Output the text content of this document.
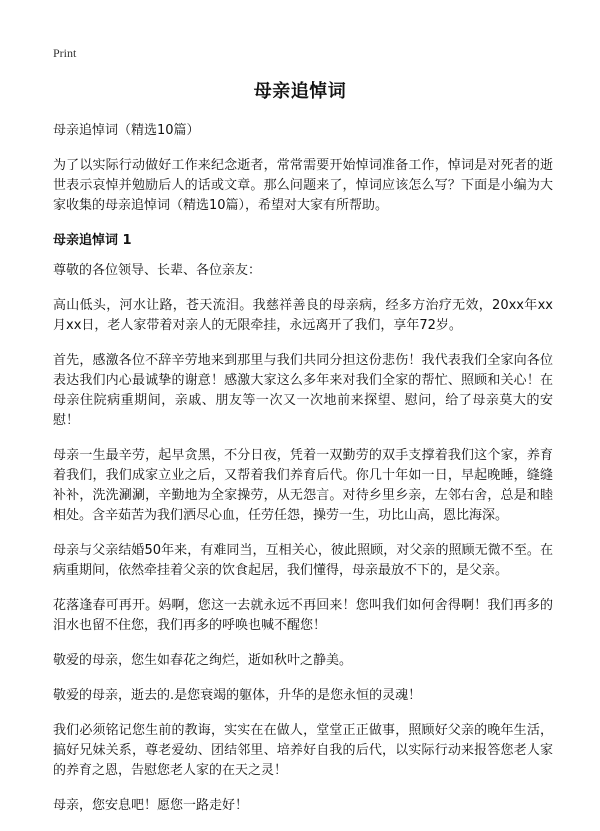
Print
母亲追悼词

母亲追悼词（精选10篇）

为了以实际行动做好工作来纪念逝者，常常需要开始悼词准备工作，悼词是对死者的逝世表示哀悼并勉励后人的话或文章。那么问题来了，悼词应该怎么写？下面是小编为大家收集的母亲追悼词（精选10篇），希望对大家有所帮助。

母亲追悼词 1

尊敬的各位领导、长辈、各位亲友：

高山低头，河水让路，苍天流泪。我慈祥善良的母亲病，经多方治疗无效，20xx年xx月xx日，老人家带着对亲人的无限牵挂，永远离开了我们，享年72岁。

首先，感激各位不辞辛劳地来到那里与我们共同分担这份悲伤！我代表我们全家向各位表达我们内心最诚挚的谢意！感激大家这么多年来对我们全家的帮忙、照顾和关心！在母亲住院病重期间，亲戚、朋友等一次又一次地前来探望、慰问，给了母亲莫大的安慰！

母亲一生最辛劳，起早贪黑，不分日夜，凭着一双勤劳的双手支撑着我们这个家，养育着我们，我们成家立业之后，又帮着我们养育后代。你几十年如一日，早起晚睡，缝缝补补，洗洗涮涮，辛勤地为全家操劳，从无怨言。对待乡里乡亲，左邻右舍，总是和睦相处。含辛茹苦为我们洒尽心血，任劳任怨，操劳一生，功比山高，恩比海深。

母亲与父亲结婚50年来，有难同当，互相关心，彼此照顾，对父亲的照顾无微不至。在病重期间，依然牵挂着父亲的饮食起居，我们懂得，母亲最放不下的，是父亲。

花落逢春可再开。妈啊，您这一去就永远不再回来！您叫我们如何舍得啊！我们再多的泪水也留不住您，我们再多的呼唤也喊不醒您！

敬爱的母亲，您生如春花之绚烂，逝如秋叶之静美。

敬爱的母亲，逝去的.是您衰竭的躯体，升华的是您永恒的灵魂！

我们必须铭记您生前的教诲，实实在在做人，堂堂正正做事，照顾好父亲的晚年生活，搞好兄妹关系，尊老爱幼、团结邻里、培养好自我的后代，以实际行动来报答您老人家的养育之恩，告慰您老人家的在天之灵！

母亲，您安息吧！愿您一路走好！
